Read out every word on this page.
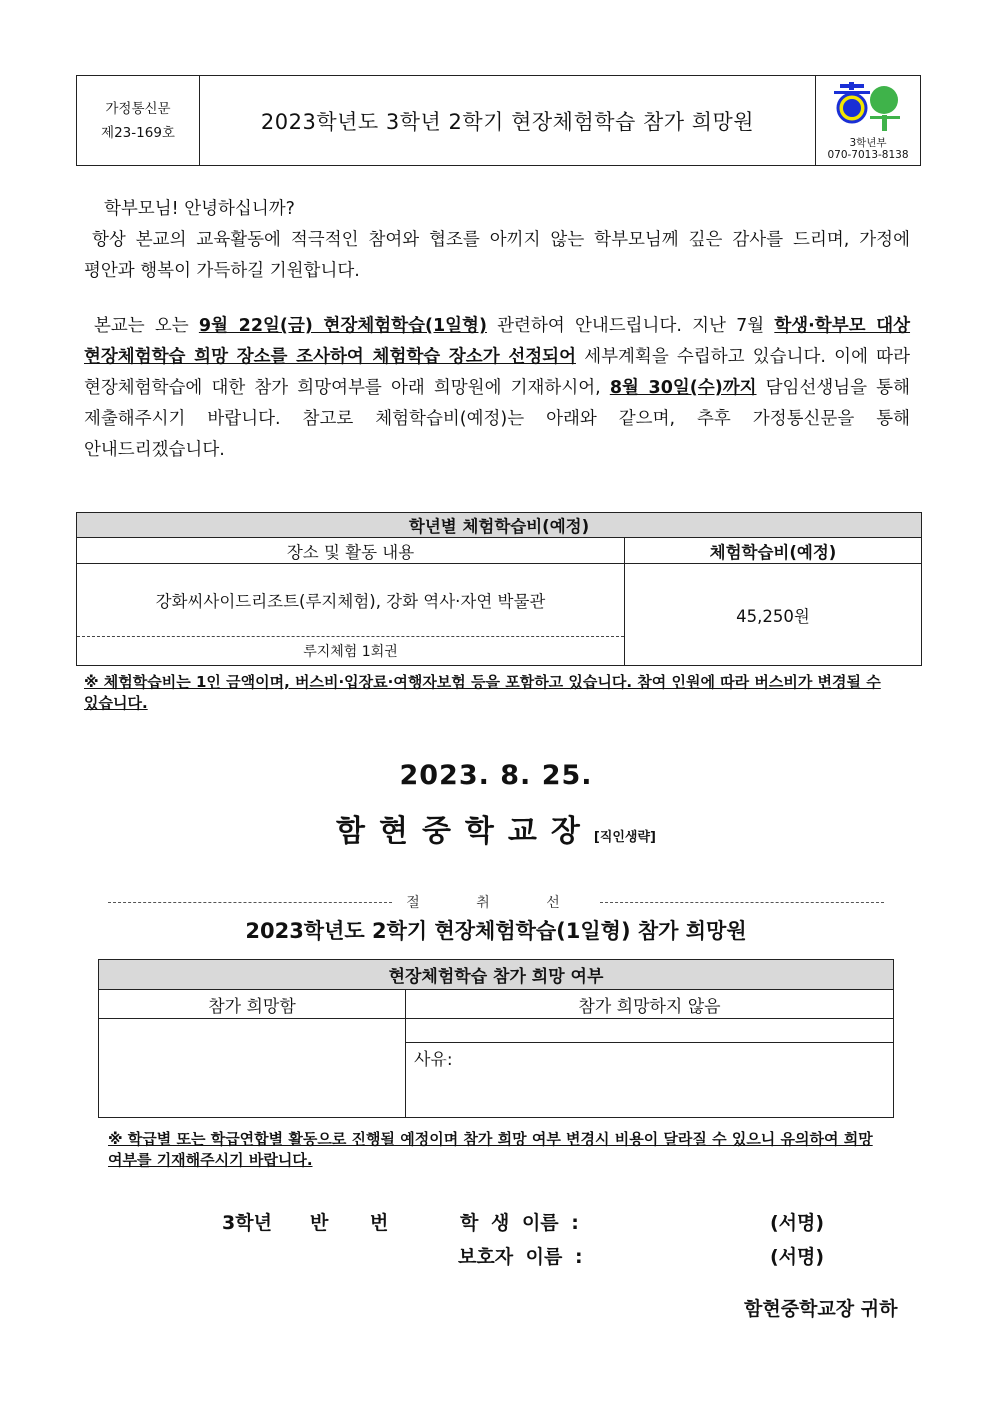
가정통신문
제23-169호	2023학년도 3학년 2학기 현장체험학습 참가 희망원
3학년부
070-7013-8138
학부모님! 안녕하십니까?
항상 본교의 교육활동에 적극적인 참여와 협조를 아끼지 않는 학부모님께 깊은 감사를 드리며, 가정에 평안과 행복이 가득하길 기원합니다.
본교는 오는 9월 22일(금) 현장체험학습(1일형) 관련하여 안내드립니다. 지난 7월 학생·학부모 대상 현장체험학습 희망 장소를 조사하여 체험학습 장소가 선정되어 세부계획을 수립하고 있습니다. 이에 따라 현장체험학습에 대한 참가 희망여부를 아래 희망원에 기재하시어, 8월 30일(수)까지 담임선생님을 통해 제출해주시기 바랍니다. 참고로 체험학습비(예정)는 아래와 같으며, 추후 가정통신문을 통해 안내드리겠습니다.
학년별 체험학습비(예정)	
장소 및 활동 내용	체험학습비(예정)
강화씨사이드리조트(루지체험), 강화 역사·자연 박물관	45,250원
루지체험 1회권	
※ 체험학습비는 1인 금액이며, 버스비·입장료·여행자보험 등을 포함하고 있습니다. 참여 인원에 따라 버스비가 변경될 수 있습니다.
2023. 8. 25.
함현중학교장[직인생략]
절 취 선
2023학년도 2학기 현장체험학습(1일형) 참가 희망원
현장체험학습 참가 희망 여부	
참가 희망함	참가 희망하지 않음

	사유:
※ 학급별 또는 학급연합별 활동으로 진행될 예정이며 참가 희망 여부 변경시 비용이 달라질 수 있으니 유의하여 희망 여부를 기재해주시기 바랍니다.
3학년 반 번	학 생 이름 :	(서명)
보호자 이름 :	(서명)
함현중학교장 귀하
